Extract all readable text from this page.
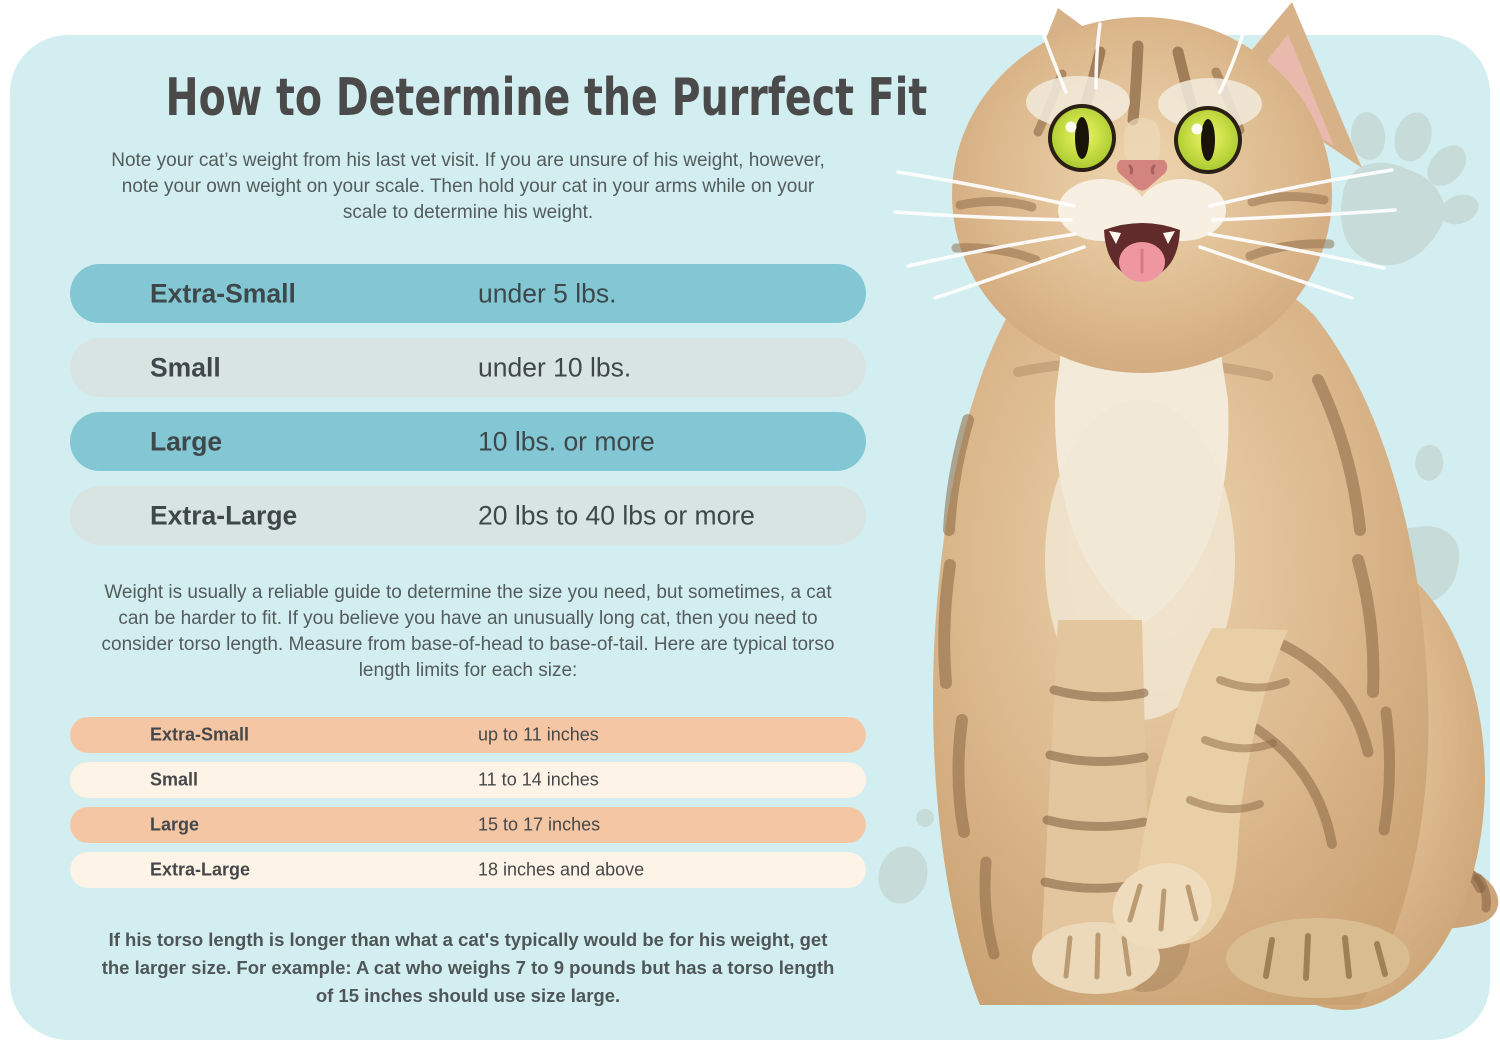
How to Determine the Purrfect Fit

Note your cat’s weight from his last vet visit. If you are unsure of his weight, however,
note your own weight on your scale. Then hold your cat in your arms while on your
scale to determine his weight.

Extra-Small	under 5 lbs.
Small	under 10 lbs.
Large	10 lbs. or more
Extra-Large	20 lbs to 40 lbs or more

Weight is usually a reliable guide to determine the size you need, but sometimes, a cat
can be harder to fit. If you believe you have an unusually long cat, then you need to
consider torso length. Measure from base-of-head to base-of-tail. Here are typical torso
length limits for each size:

Extra-Small	up to 11 inches
Small	11 to 14 inches
Large	15 to 17 inches
Extra-Large	18 inches and above

If his torso length is longer than what a cat's typically would be for his weight, get
the larger size. For example: A cat who weighs 7 to 9 pounds but has a torso length
of 15 inches should use size large.
